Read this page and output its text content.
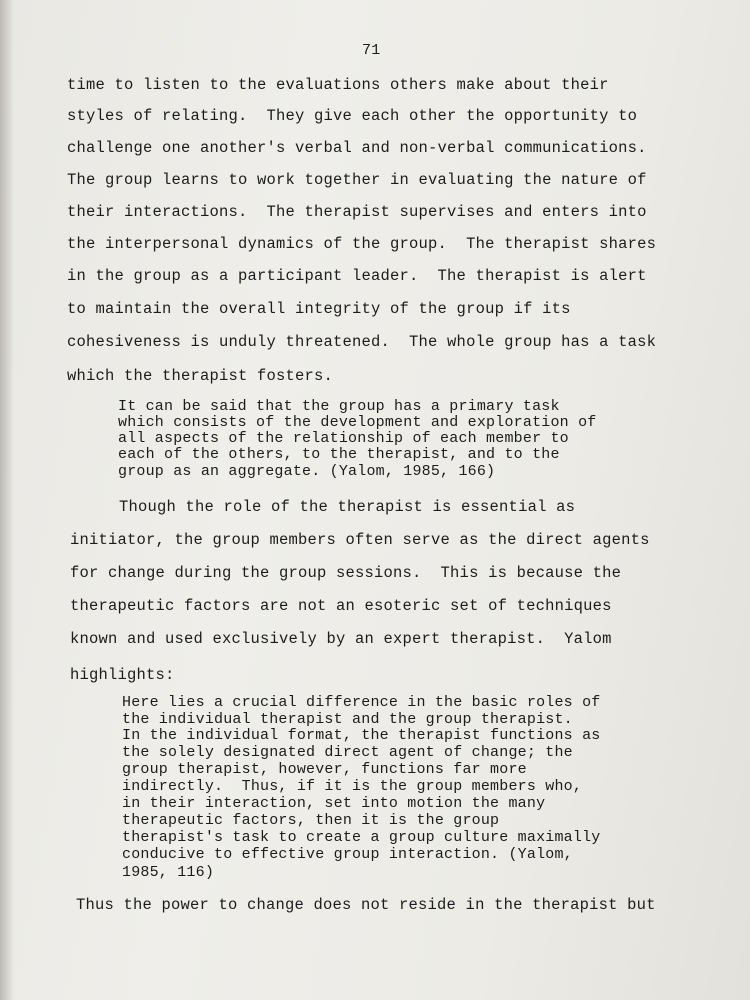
71
time to listen to the evaluations others make about their
styles of relating.  They give each other the opportunity to
challenge one another's verbal and non-verbal communications.
The group learns to work together in evaluating the nature of
their interactions.  The therapist supervises and enters into
the interpersonal dynamics of the group.  The therapist shares
in the group as a participant leader.  The therapist is alert
to maintain the overall integrity of the group if its
cohesiveness is unduly threatened.  The whole group has a task
which the therapist fosters.
It can be said that the group has a primary task
which consists of the development and exploration of
all aspects of the relationship of each member to
each of the others, to the therapist, and to the
group as an aggregate. (Yalom, 1985, 166)
Though the role of the therapist is essential as
initiator, the group members often serve as the direct agents
for change during the group sessions.  This is because the
therapeutic factors are not an esoteric set of techniques
known and used exclusively by an expert therapist.  Yalom
highlights:
Here lies a crucial difference in the basic roles of
the individual therapist and the group therapist.
In the individual format, the therapist functions as
the solely designated direct agent of change; the
group therapist, however, functions far more
indirectly.  Thus, if it is the group members who,
in their interaction, set into motion the many
therapeutic factors, then it is the group
therapist's task to create a group culture maximally
conducive to effective group interaction. (Yalom,
1985, 116)
Thus the power to change does not reside in the therapist but
